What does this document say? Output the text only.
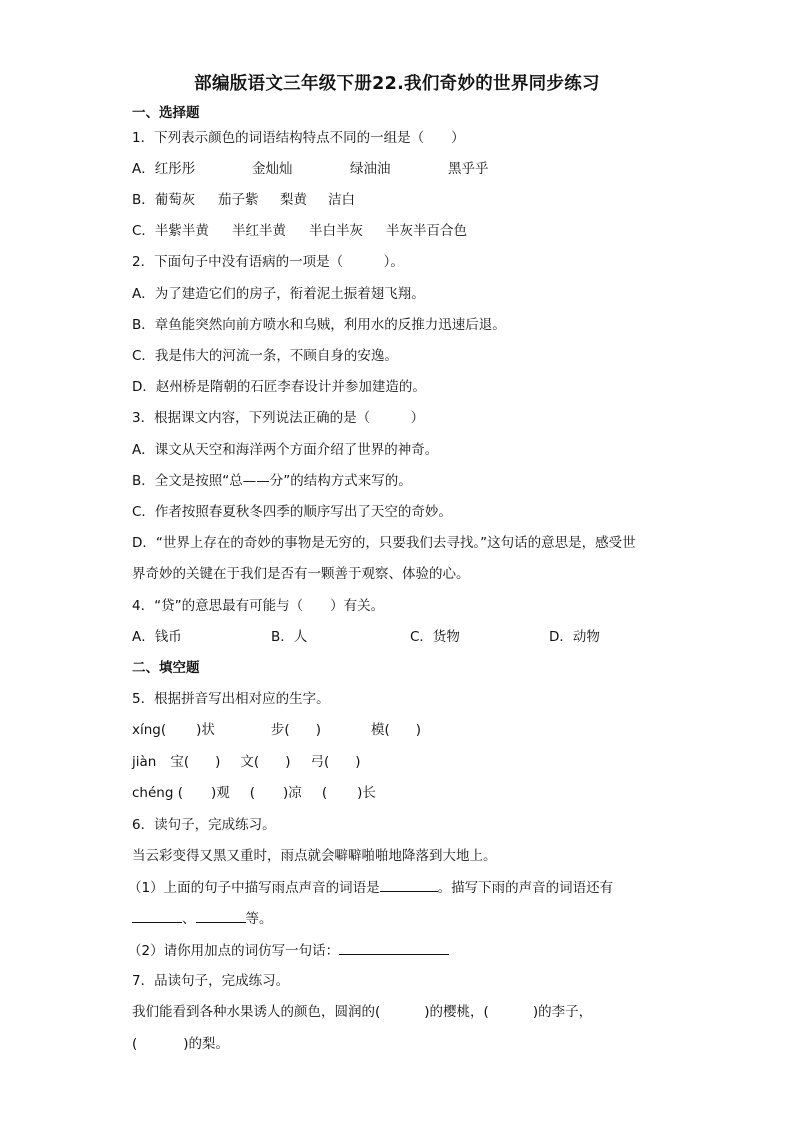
部编版语文三年级下册22.我们奇妙的世界同步练习
一、选择题
1．下列表示颜色的词语结构特点不同的一组是（　　）
A．红彤彤	金灿灿	绿油油	黑乎乎
B．葡萄灰 茄子紫 梨黄 洁白
C．半紫半黄 半红半黄 半白半灰 半灰半百合色
2．下面句子中没有语病的一项是（　　　）。
A．为了建造它们的房子，衔着泥土振着翅飞翔。
B．章鱼能突然向前方喷水和乌贼，利用水的反推力迅速后退。
C．我是伟大的河流一条，不顾自身的安逸。
D．赵州桥是隋朝的石匠李春设计并参加建造的。
3．根据课文内容，下列说法正确的是（　　　）
A．课文从天空和海洋两个方面介绍了世界的神奇。
B．全文是按照“总——分”的结构方式来写的。
C．作者按照春夏秋冬四季的顺序写出了天空的奇妙。
D．“世界上存在的奇妙的事物是无穷的，只要我们去寻找。”这句话的意思是，感受世
界奇妙的关键在于我们是否有一颗善于观察、体验的心。
4．“贷”的意思最有可能与（　　）有关。
A．钱币	B．人	C．货物	D．动物
二、填空题
5．根据拼音写出相对应的生字。
xíng( )状	步( )	模( )
jiàn 宝( ) 文( ) 弓( )
chéng ( )观 ( )凉 ( )长
6．读句子，完成练习。
当云彩变得又黑又重时，雨点就会噼噼啪啪地降落到大地上。
（1）上面的句子中描写雨点声音的词语是	。描写下雨的声音的词语还有
、	等。
（2）请你用加点的词仿写一句话：
7．品读句子，完成练习。
我们能看到各种水果诱人的颜色，圆润的(	)的樱桃，(	)的李子，
(	)的梨。
